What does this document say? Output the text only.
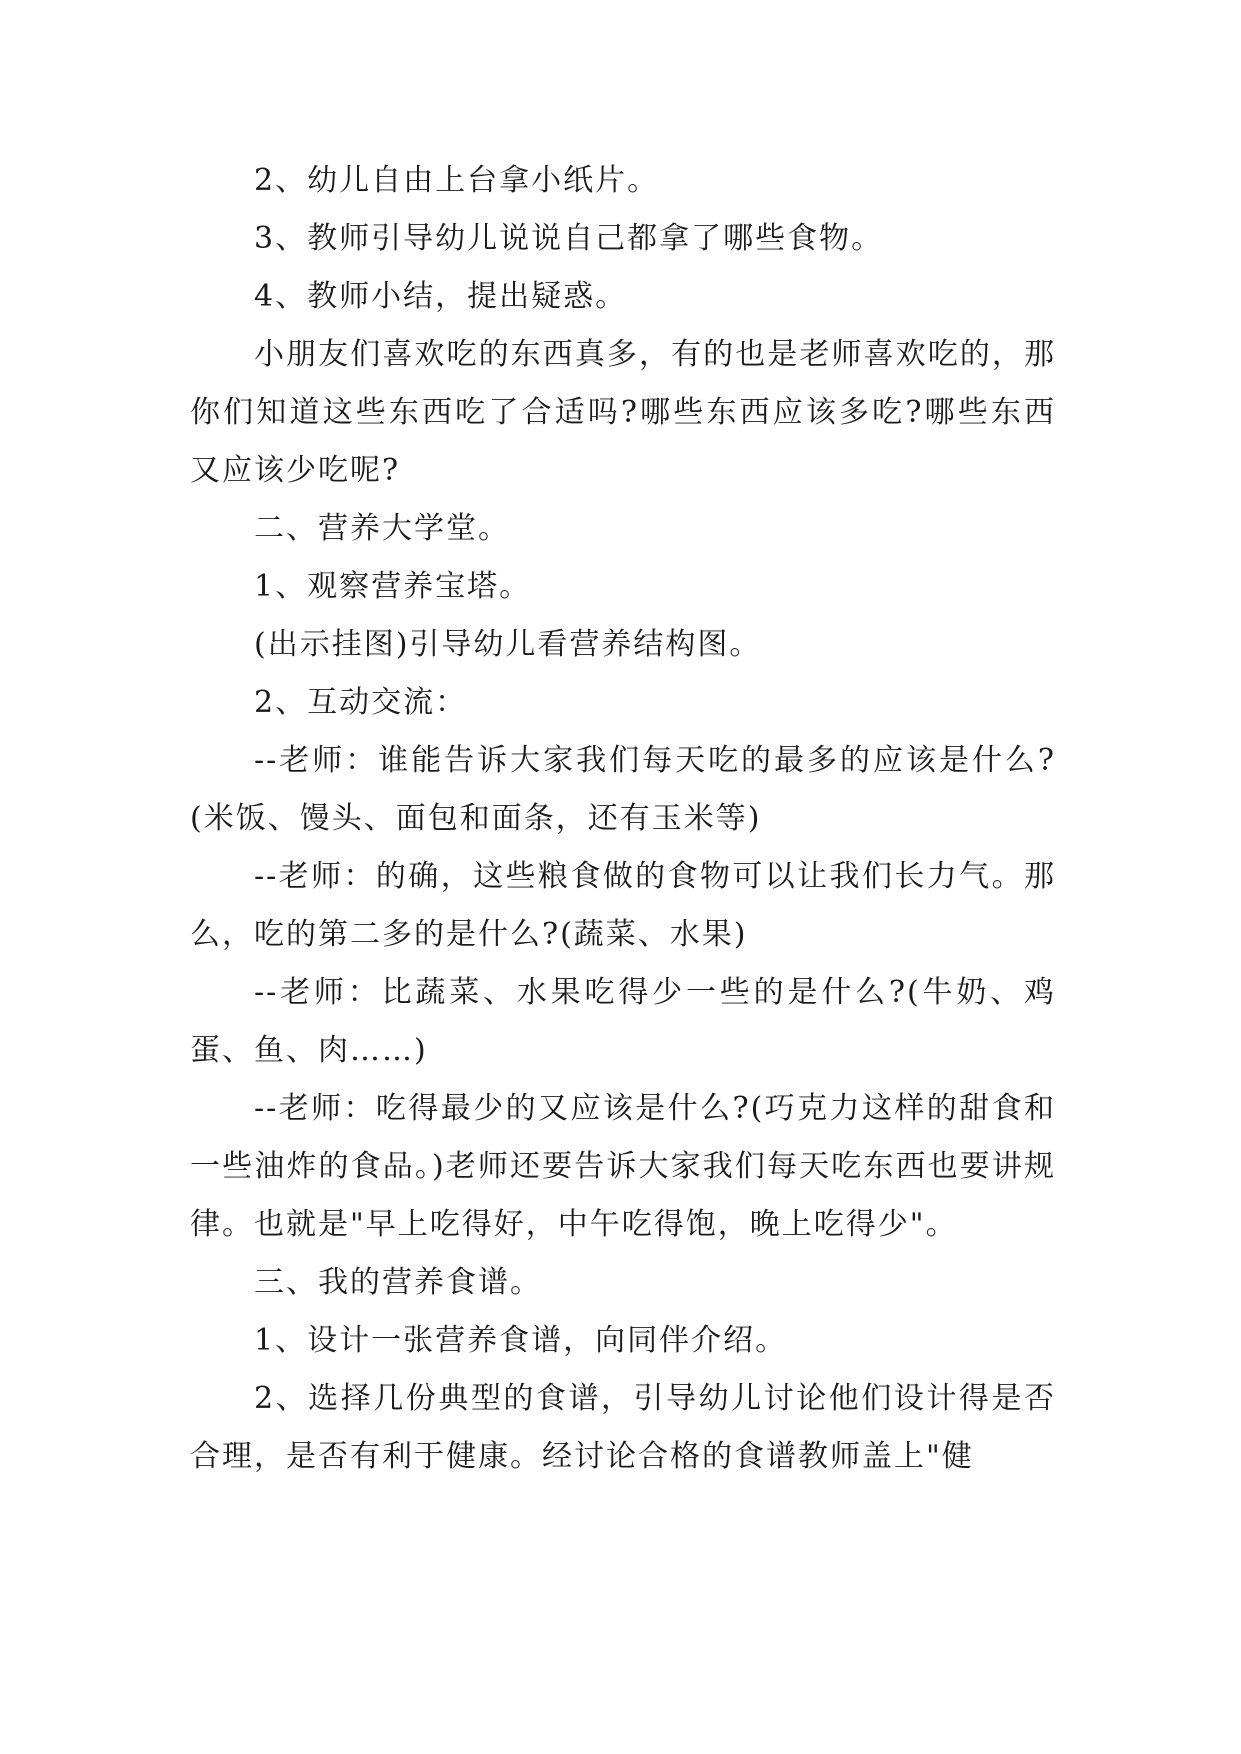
2、幼儿自由上台拿小纸片。

3、教师引导幼儿说说自己都拿了哪些食物。

4、教师小结，提出疑惑。

小朋友们喜欢吃的东西真多，有的也是老师喜欢吃的，那你们知道这些东西吃了合适吗?哪些东西应该多吃?哪些东西又应该少吃呢?

二、营养大学堂。

1、观察营养宝塔。

(出示挂图)引导幼儿看营养结构图。

2、互动交流：

--老师：谁能告诉大家我们每天吃的最多的应该是什么?(米饭、馒头、面包和面条，还有玉米等)

--老师：的确，这些粮食做的食物可以让我们长力气。那么，吃的第二多的是什么?(蔬菜、水果)

--老师：比蔬菜、水果吃得少一些的是什么?(牛奶、鸡蛋、鱼、肉……)

--老师：吃得最少的又应该是什么?(巧克力这样的甜食和一些油炸的食品。)老师还要告诉大家我们每天吃东西也要讲规律。也就是"早上吃得好，中午吃得饱，晚上吃得少"。

三、我的营养食谱。

1、设计一张营养食谱，向同伴介绍。

2、选择几份典型的食谱，引导幼儿讨论他们设计得是否合理，是否有利于健康。经讨论合格的食谱教师盖上"健
